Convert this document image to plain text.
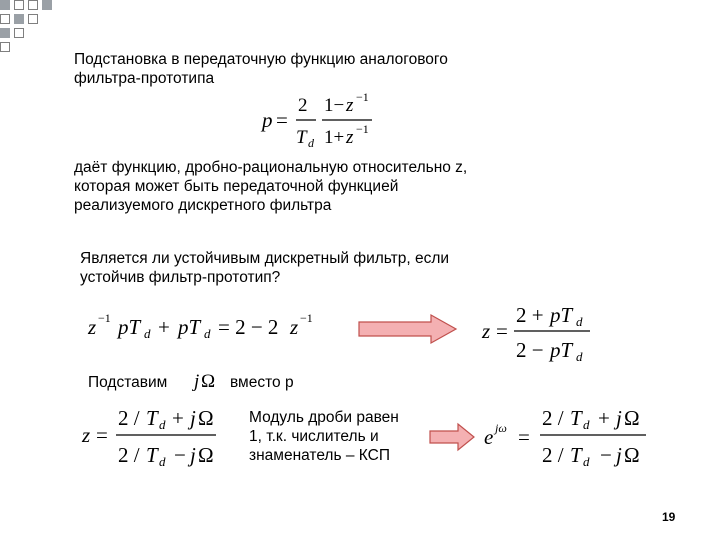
Подстановка в передаточную функцию аналогового
фильтра-прототипа
p =
2
T d
1− z −1
1+ z −1
даёт функцию, дробно-рациональную относительно z,
которая может быть передаточной функцией
реализуемого дискретного фильтра
Является ли устойчивым дискретный фильтр, если
устойчив фильтр-прототип?
z −1 pT d + pT d = 2 − 2 z −1
z =
2 + pT d
2 − pT d
Подставим j Ω вместо p
z =
2 / T d + j Ω
2 / T d − j Ω
Модуль дроби равен
1, т.к. числитель и
знаменатель – КСП
e jω =
2 / T d + j Ω
2 / T d − j Ω
19
